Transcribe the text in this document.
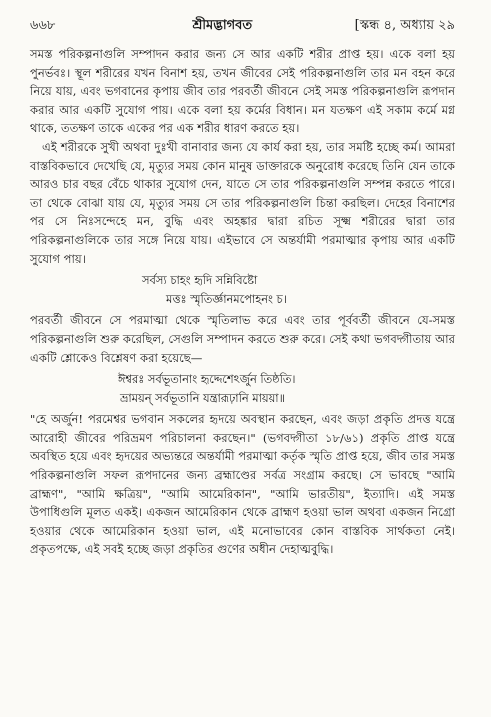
৬৬৮	শ্রীমদ্ভাগবত	[স্কন্ধ ৪, অধ্যায় ২৯

সমস্ত পরিকল্পনাগুলি সম্পাদন করার জন্য সে আর একটি শরীর প্রাপ্ত হয়। একে বলা হয় পুনর্ভবঃ। স্থূল শরীরের যখন বিনাশ হয়, তখন জীবের সেই পরিকল্পনাগুলি তার মন বহন করে নিয়ে যায়, এবং ভগবানের কৃপায় জীব তার পরবর্তী জীবনে সেই সমস্ত পরিকল্পনাগুলি রূপদান করার আর একটি সুযোগ পায়। একে বলা হয় কর্মের বিধান। মন যতক্ষণ এই সকাম কর্মে মগ্ন থাকে, ততক্ষণ তাকে একের পর এক শরীর ধারণ করতে হয়।

এই শরীরকে সুখী অথবা দুঃখী বানাবার জন্য যে কার্য করা হয়, তার সমষ্টি হচ্ছে কর্ম। আমরা বাস্তবিকভাবে দেখেছি যে, মৃত্যুর সময় কোন মানুষ ডাক্তারকে অনুরোধ করেছে তিনি যেন তাকে আরও চার বছর বেঁচে থাকার সুযোগ দেন, যাতে সে তার পরিকল্পনাগুলি সম্পন্ন করতে পারে। তা থেকে বোঝা যায় যে, মৃত্যুর সময় সে তার পরিকল্পনাগুলি চিন্তা করছিল। দেহের বিনাশের পর সে নিঃসন্দেহে মন, বুদ্ধি এবং অহঙ্কার দ্বারা রচিত সূক্ষ্ম শরীরের দ্বারা তার পরিকল্পনাগুলিকে তার সঙ্গে নিয়ে যায়। এইভাবে সে অন্তর্যামী পরমাত্মার কৃপায় আর একটি সুযোগ পায়।

সর্বস্য চাহং হৃদি সন্নিবিষ্টো
মত্তঃ স্মৃতির্জ্ঞানমপোহনং চ।

পরবর্তী জীবনে সে পরমাত্মা থেকে স্মৃতিলাভ করে এবং তার পূর্ববর্তী জীবনে যে-সমস্ত পরিকল্পনাগুলি শুরু করেছিল, সেগুলি সম্পাদন করতে শুরু করে। সেই কথা ভগবদ্গীতায় আর একটি শ্লোকেও বিশ্লেষণ করা হয়েছে—

ঈশ্বরঃ সর্বভূতানাং হৃদ্দেশেঽর্জুন তিষ্ঠতি।
ভ্রাময়ন্ সর্বভূতানি যন্ত্রারূঢ়ানি মায়য়া॥

"হে অর্জুন! পরমেশ্বর ভগবান সকলের হৃদয়ে অবস্থান করছেন, এবং জড়া প্রকৃতি প্রদত্ত যন্ত্রে আরোহী জীবের পরিভ্রমণ পরিচালনা করছেন।" (ভগবদ্গীতা ১৮/৬১) প্রকৃতি প্রাপ্ত যন্ত্রে অবস্থিত হয়ে এবং হৃদয়ের অভ্যন্তরে অন্তর্যামী পরমাত্মা কর্তৃক স্মৃতি প্রাপ্ত হয়ে, জীব তার সমস্ত পরিকল্পনাগুলি সফল রূপদানের জন্য ব্রহ্মাণ্ডের সর্বত্র সংগ্রাম করছে। সে ভাবছে "আমি ব্রাহ্মণ", "আমি ক্ষত্রিয়", "আমি আমেরিকান", "আমি ভারতীয়", ইত্যাদি। এই সমস্ত উপাধিগুলি মূলত একই। একজন আমেরিকান থেকে ব্রাহ্মণ হওয়া ভাল অথবা একজন নিগ্রো হওয়ার থেকে আমেরিকান হওয়া ভাল, এই মনোভাবের কোন বাস্তবিক সার্থকতা নেই। প্রকৃতপক্ষে, এই সবই হচ্ছে জড়া প্রকৃতির গুণের অধীন দেহাত্মবুদ্ধি।
